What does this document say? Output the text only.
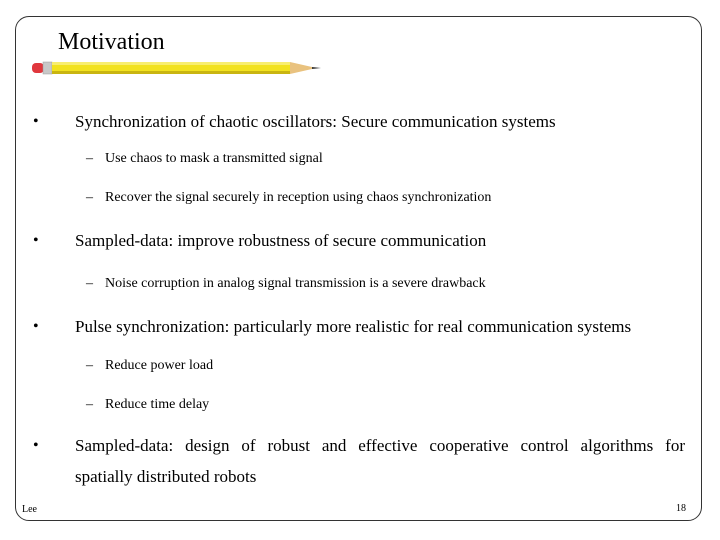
Motivation
• Synchronization of chaotic oscillators: Secure communication systems
– Use chaos to mask a transmitted signal
– Recover the signal securely in reception using chaos synchronization
• Sampled-data: improve robustness of secure communication
– Noise corruption in analog signal transmission is a severe drawback
• Pulse synchronization: particularly more realistic for real communication systems
– Reduce power load
– Reduce time delay
• Sampled-data: design of robust and effective cooperative control algorithms for
spatially distributed robots
Lee	18
